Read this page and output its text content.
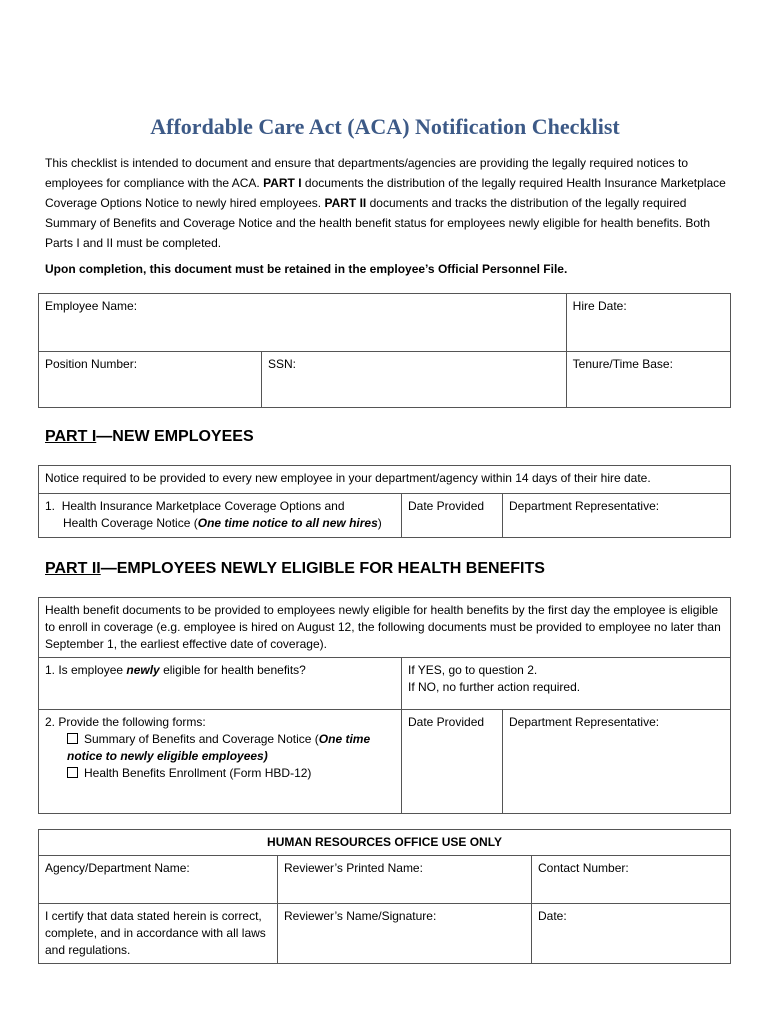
Affordable Care Act (ACA) Notification Checklist
This checklist is intended to document and ensure that departments/agencies are providing the legally required notices to employees for compliance with the ACA. PART I documents the distribution of the legally required Health Insurance Marketplace Coverage Options Notice to newly hired employees. PART II documents and tracks the distribution of the legally required Summary of Benefits and Coverage Notice and the health benefit status for employees newly eligible for health benefits. Both Parts I and II must be completed.
Upon completion, this document must be retained in the employee’s Official Personnel File.
Employee Name:		Hire Date:
Position Number:	SSN:	Tenure/Time Base:
PART I—NEW EMPLOYEES
Notice required to be provided to every new employee in your department/agency within 14 days of their hire date.
1. Health Insurance Marketplace Coverage Options and
Health Coverage Notice (One time notice to all new hires)	Date Provided	Department Representative:
PART II—EMPLOYEES NEWLY ELIGIBLE FOR HEALTH BENEFITS
Health benefit documents to be provided to employees newly eligible for health benefits by the first day the employee is eligible to enroll in coverage (e.g. employee is hired on August 12, the following documents must be provided to employee no later than September 1, the earliest effective date of coverage).		
1. Is employee newly eligible for health benefits?	If YES, go to question 2.
If NO, no further action required.	
2. Provide the following forms:

Summary of Benefits and Coverage Notice (One time notice to newly eligible employees)
Health Benefits Enrollment (Form HBD-12)	Date Provided	Department Representative:
HUMAN RESOURCES OFFICE USE ONLY		
Agency/Department Name:	Reviewer’s Printed Name:	Contact Number:
I certify that data stated herein is correct, complete, and in accordance with all laws and regulations.	Reviewer’s Name/Signature:	Date:
